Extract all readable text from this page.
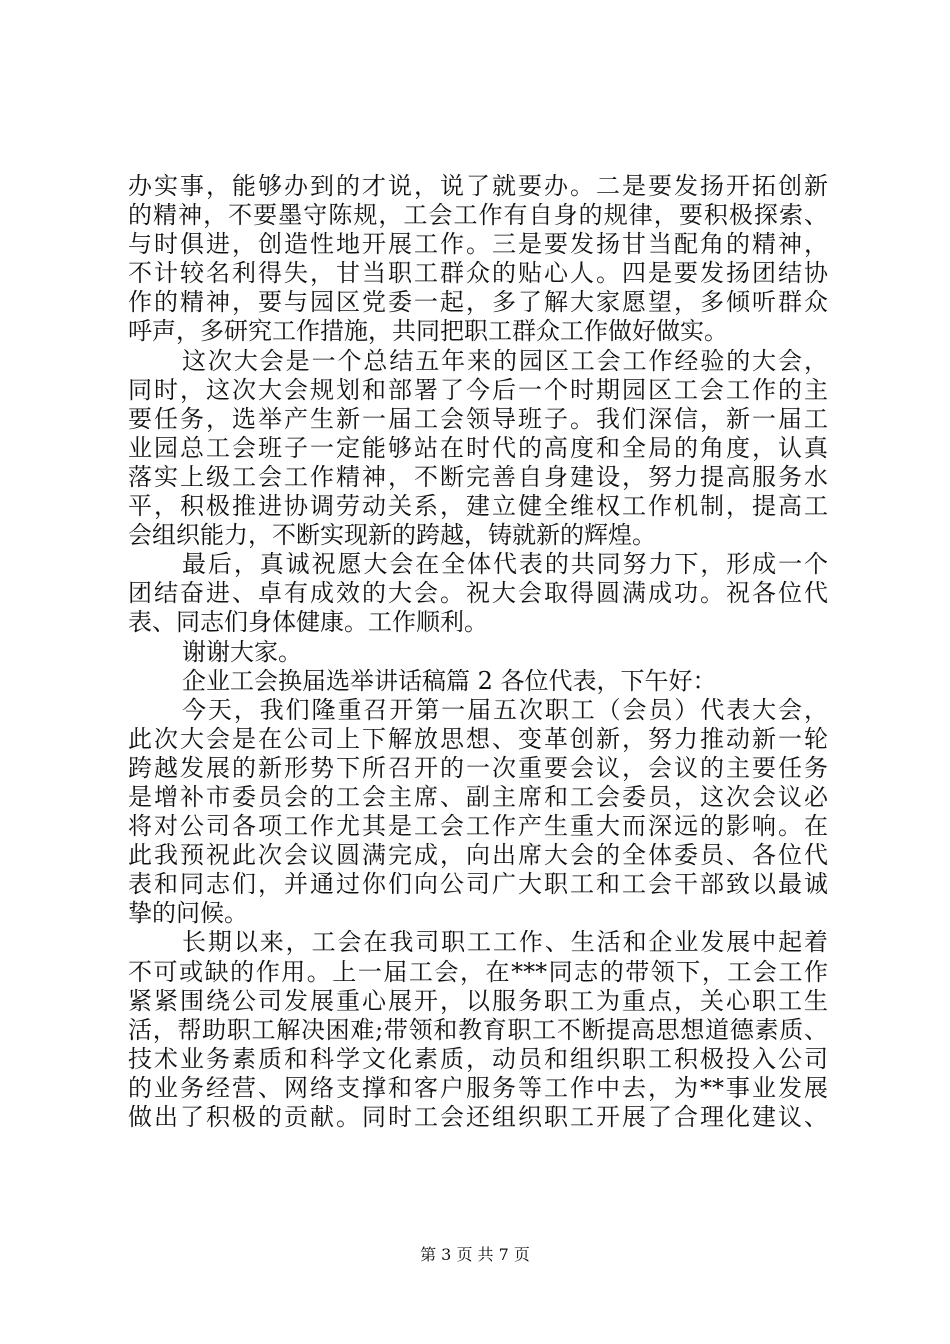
办实事，能够办到的才说，说了就要办。二是要发扬开拓创新
的精神，不要墨守陈规，工会工作有自身的规律，要积极探索、
与时俱进，创造性地开展工作。三是要发扬甘当配角的精神，
不计较名利得失，甘当职工群众的贴心人。四是要发扬团结协
作的精神，要与园区党委一起，多了解大家愿望，多倾听群众
呼声，多研究工作措施，共同把职工群众工作做好做实。
这次大会是一个总结五年来的园区工会工作经验的大会，
同时，这次大会规划和部署了今后一个时期园区工会工作的主
要任务，选举产生新一届工会领导班子。我们深信，新一届工
业园总工会班子一定能够站在时代的高度和全局的角度，认真
落实上级工会工作精神，不断完善自身建设，努力提高服务水
平，积极推进协调劳动关系，建立健全维权工作机制，提高工
会组织能力，不断实现新的跨越，铸就新的辉煌。
最后，真诚祝愿大会在全体代表的共同努力下，形成一个
团结奋进、卓有成效的大会。祝大会取得圆满成功。祝各位代
表、同志们身体健康。工作顺利。
谢谢大家。
企业工会换届选举讲话稿篇 2 各位代表，下午好：
今天，我们隆重召开第一届五次职工（会员）代表大会，
此次大会是在公司上下解放思想、变革创新，努力推动新一轮
跨越发展的新形势下所召开的一次重要会议，会议的主要任务
是增补市委员会的工会主席、副主席和工会委员，这次会议必
将对公司各项工作尤其是工会工作产生重大而深远的影响。在
此我预祝此次会议圆满完成，向出席大会的全体委员、各位代
表和同志们，并通过你们向公司广大职工和工会干部致以最诚
挚的问候。
长期以来，工会在我司职工工作、生活和企业发展中起着
不可或缺的作用。上一届工会，在***同志的带领下，工会工作
紧紧围绕公司发展重心展开，以服务职工为重点，关心职工生
活，帮助职工解决困难;带领和教育职工不断提高思想道德素质、
技术业务素质和科学文化素质，动员和组织职工积极投入公司
的业务经营、网络支撑和客户服务等工作中去，为**事业发展
做出了积极的贡献。同时工会还组织职工开展了合理化建议、
第 3 页 共 7 页
